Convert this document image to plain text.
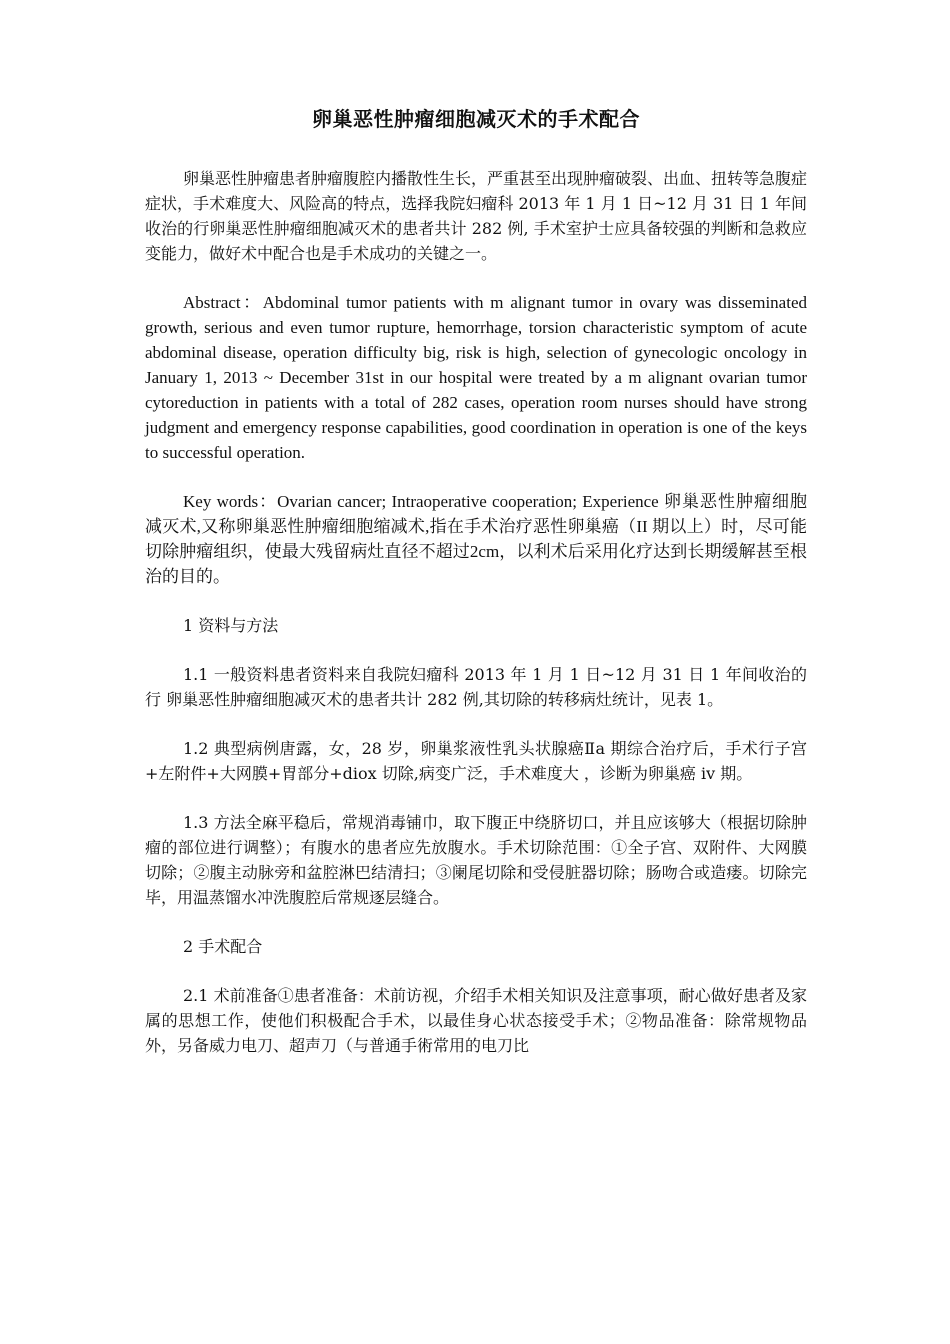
卵巢恶性肿瘤细胞减灭术的手术配合

卵巢恶性肿瘤患者肿瘤腹腔内播散性生长，严重甚至出现肿瘤破裂、出血、扭转等急腹症症状，手术难度大、风险高的特点，选择我院妇瘤科 2013 年 1 月 1 日~12 月 31 日 1 年间收治的行卵巢恶性肿瘤细胞减灭术的患者共计 282 例, 手术室护士应具备较强的判断和急救应变能力，做好术中配合也是手术成功的关键之一。

Abstract：Abdominal tumor patients with m alignant tumor in ovary was disseminated growth, serious and even tumor rupture, hemorrhage, torsion characteristic symptom of acute abdominal disease, operation difficulty big, risk is high, selection of gynecologic oncology in January 1, 2013 ~ December 31st in our hospital were treated by a m alignant ovarian tumor cytoreduction in patients with a total of 282 cases, operation room nurses should have strong judgment and emergency response capabilities, good coordination in operation is one of the keys to successful operation.

Key words：Ovarian cancer; Intraoperative cooperation; Experience 卵巢恶性肿瘤细胞减灭术,又称卵巢恶性肿瘤细胞缩减术,指在手术治疗恶性卵巢癌（II 期以上）时，尽可能切除肿瘤组织，使最大残留病灶直径不超过2cm，以利术后采用化疗达到长期缓解甚至根治的目的。

1 资料与方法

1.1 一般资料患者资料来自我院妇瘤科 2013 年 1 月 1 日~12 月 31 日 1 年间收治的行 卵巢恶性肿瘤细胞减灭术的患者共计 282 例,其切除的转移病灶统计，见表 1。

1.2 典型病例唐露，女，28 岁，卵巢浆液性乳头状腺癌Ⅱa 期综合治疗后，手术行子宫+左附件+大网膜+胃部分+diox 切除,病变广泛，手术难度大 ，诊断为卵巢癌 iv 期。

1.3 方法全麻平稳后，常规消毒铺巾，取下腹正中绕脐切口，并且应该够大（根据切除肿瘤的部位进行调整）；有腹水的患者应先放腹水。手术切除范围：①全子宫、双附件、大网膜切除；②腹主动脉旁和盆腔淋巴结清扫；③阑尾切除和受侵脏器切除；肠吻合或造瘘。切除完毕，用温蒸馏水冲洗腹腔后常规逐层缝合。

2 手术配合

2.1 术前准备①患者准备：术前访视，介绍手术相关知识及注意事项，耐心做好患者及家属的思想工作，使他们积极配合手术，以最佳身心状态接受手术；②物品准备：除常规物品外，另备威力电刀、超声刀（与普通手術常用的电刀比
